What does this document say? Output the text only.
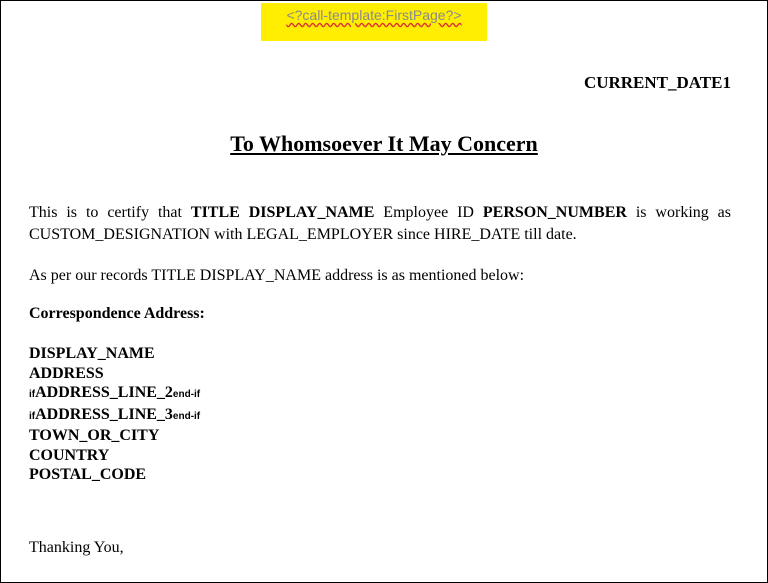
<?call-template:FirstPage?>
CURRENT_DATE1
To Whomsoever It May Concern
This is to certify that TITLE DISPLAY_NAME Employee ID PERSON_NUMBER is working as CUSTOM_DESIGNATION with LEGAL_EMPLOYER since HIRE_DATE till date.
As per our records TITLE DISPLAY_NAME address is as mentioned below:
Correspondence Address:
DISPLAY_NAME
ADDRESS
ifADDRESS_LINE_2end-if
ifADDRESS_LINE_3end-if
TOWN_OR_CITY
COUNTRY
POSTAL_CODE
Thanking You,
